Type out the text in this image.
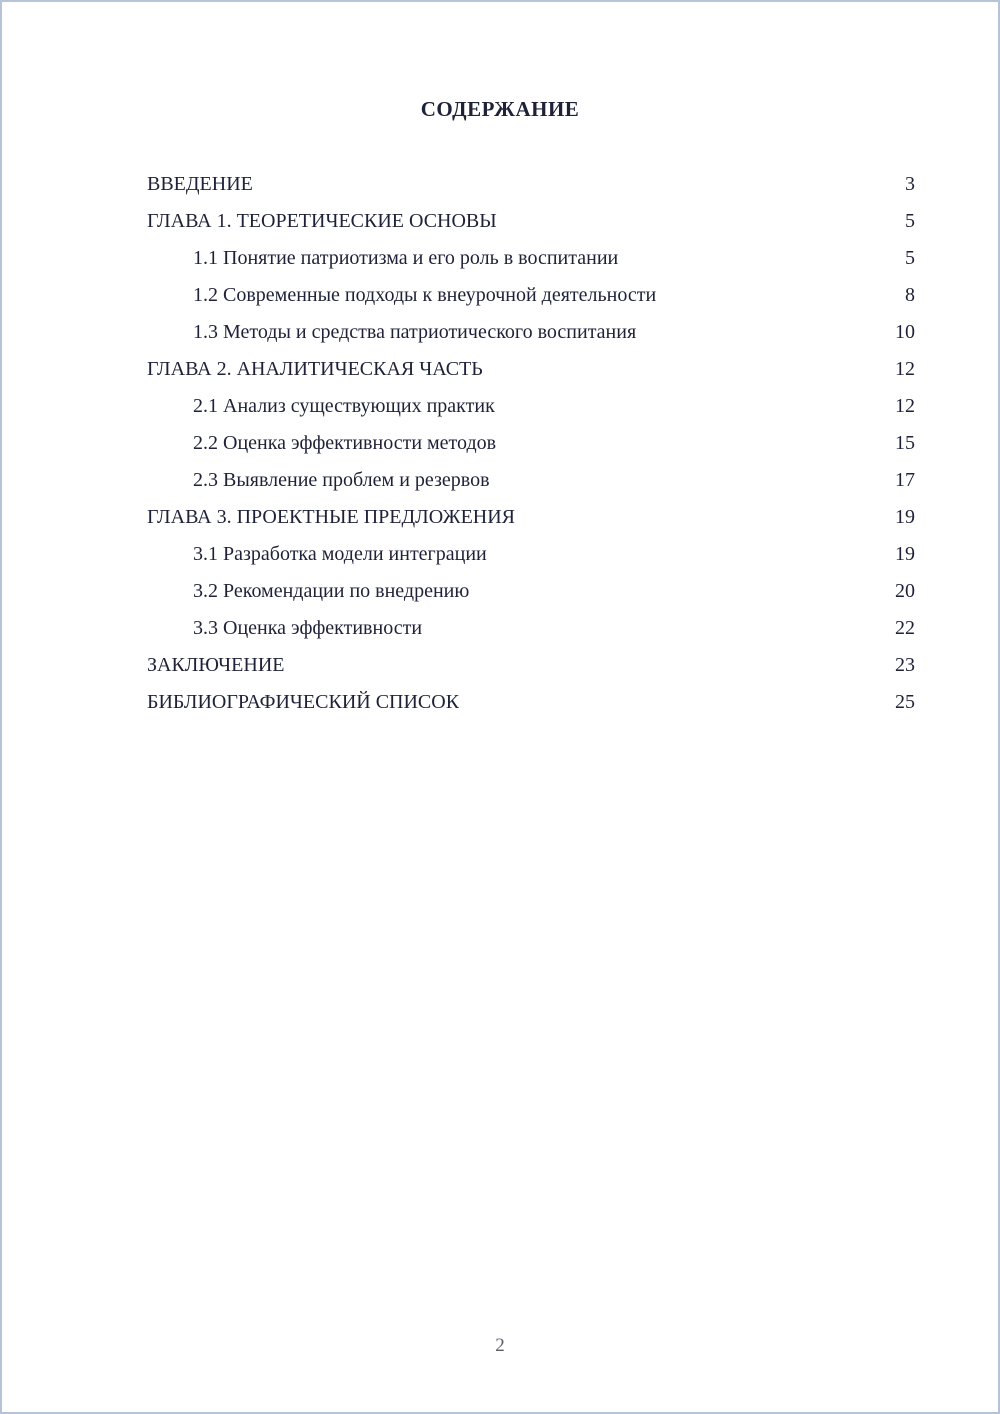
СОДЕРЖАНИЕ
ВВЕДЕНИЕ	3
ГЛАВА 1. ТЕОРЕТИЧЕСКИЕ ОСНОВЫ	5
1.1 Понятие патриотизма и его роль в воспитании	5
1.2 Современные подходы к внеурочной деятельности	8
1.3 Методы и средства патриотического воспитания	10
ГЛАВА 2. АНАЛИТИЧЕСКАЯ ЧАСТЬ	12
2.1 Анализ существующих практик	12
2.2 Оценка эффективности методов	15
2.3 Выявление проблем и резервов	17
ГЛАВА 3. ПРОЕКТНЫЕ ПРЕДЛОЖЕНИЯ	19
3.1 Разработка модели интеграции	19
3.2 Рекомендации по внедрению	20
3.3 Оценка эффективности	22
ЗАКЛЮЧЕНИЕ	23
БИБЛИОГРАФИЧЕСКИЙ СПИСОК	25
2
